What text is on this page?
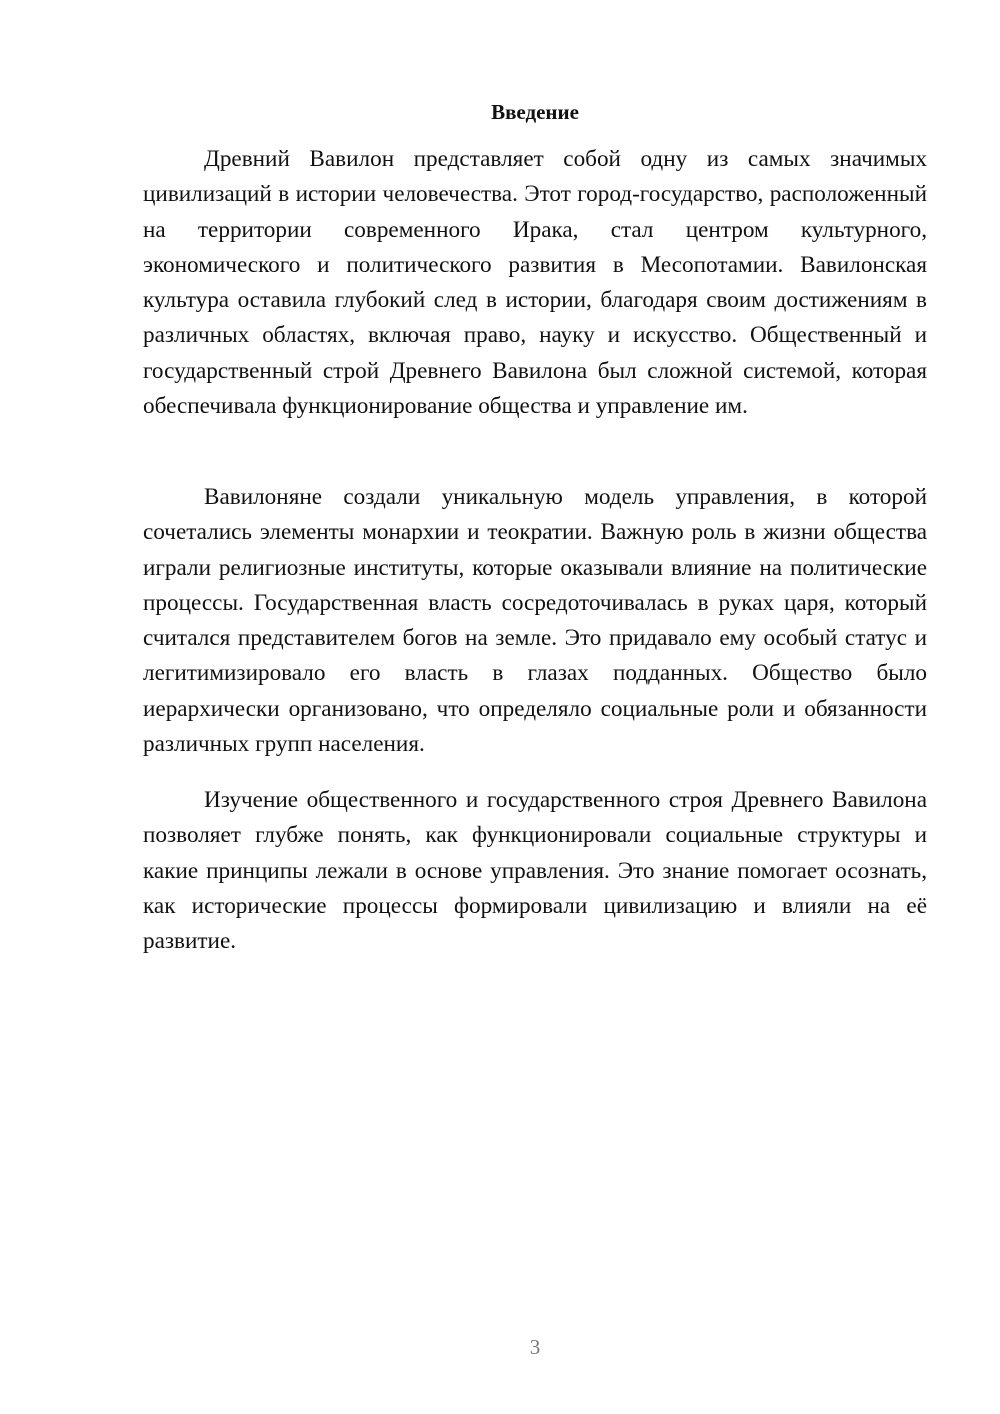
Введение

Древний Вавилон представляет собой одну из самых значимых цивилизаций в истории человечества. Этот город-государство, расположенный на территории современного Ирака, стал центром культурного, экономического и политического развития в Месопотамии. Вавилонская культура оставила глубокий след в истории, благодаря своим достижениям в различных областях, включая право, науку и искусство. Общественный и государственный строй Древнего Вавилона был сложной системой, которая обеспечивала функционирование общества и управление им.

Вавилоняне создали уникальную модель управления, в которой сочетались элементы монархии и теократии. Важную роль в жизни общества играли религиозные институты, которые оказывали влияние на политические процессы. Государственная власть сосредоточивалась в руках царя, который считался представителем богов на земле. Это придавало ему особый статус и легитимизировало его власть в глазах подданных. Общество было иерархически организовано, что определяло социальные роли и обязанности различных групп населения.

Изучение общественного и государственного строя Древнего Вавилона позволяет глубже понять, как функционировали социальные структуры и какие принципы лежали в основе управления. Это знание помогает осознать, как исторические процессы формировали цивилизацию и влияли на её развитие.

3
